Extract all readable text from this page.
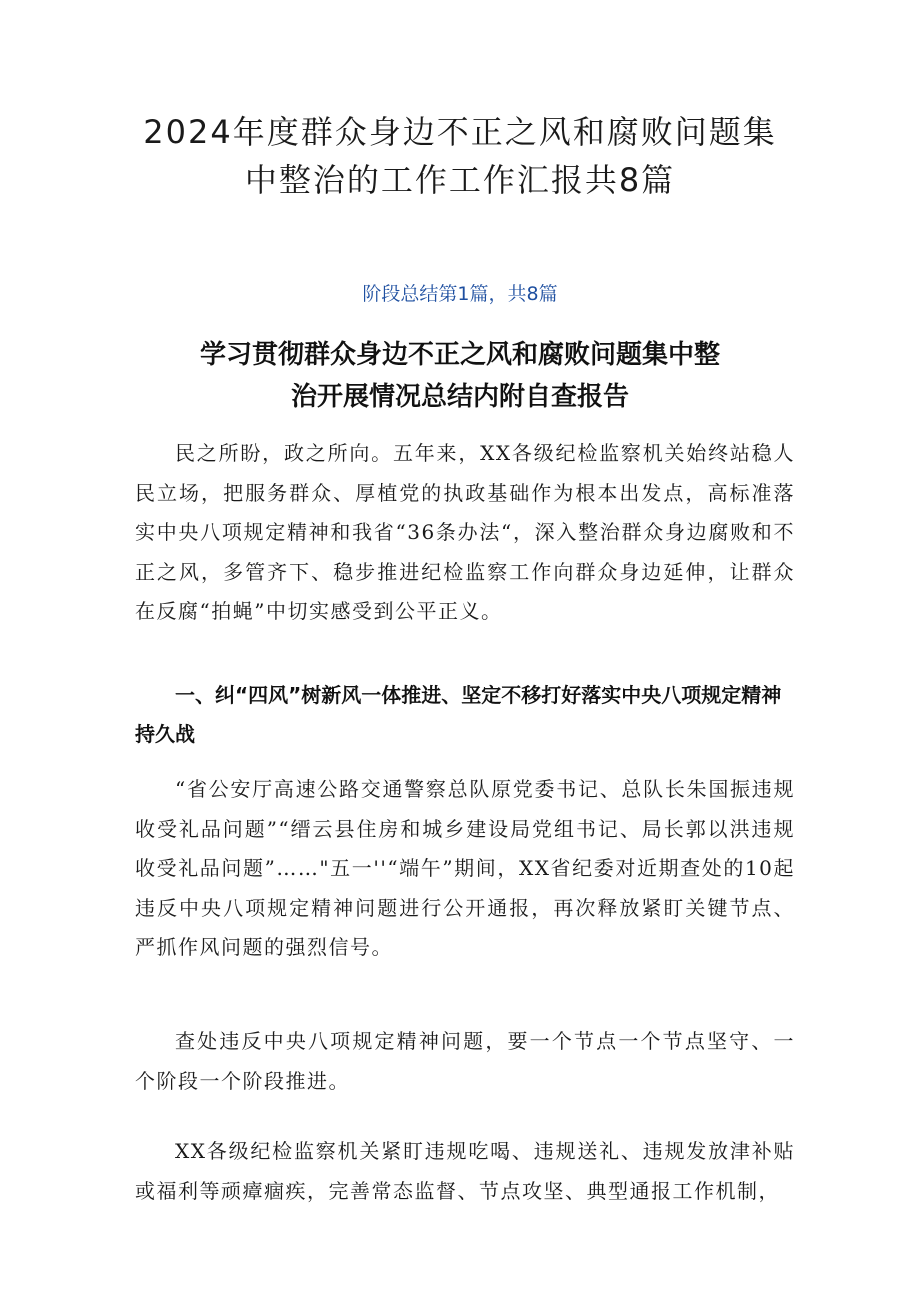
2024年度群众身边不正之风和腐败问题集
中整治的工作工作汇报共8篇
阶段总结第1篇，共8篇
学习贯彻群众身边不正之风和腐败问题集中整
治开展情况总结内附自查报告

民之所盼，政之所向。五年来，XX各级纪检监察机关始终站稳人民立场，把服务群众、厚植党的执政基础作为根本出发点，高标准落实中央八项规定精神和我省“36条办法“，深入整治群众身边腐败和不正之风，多管齐下、稳步推进纪检监察工作向群众身边延伸，让群众在反腐“拍蝇”中切实感受到公平正义。

一、纠“四风”树新风一体推进、坚定不移打好落实中央八项规定精神持久战

“省公安厅高速公路交通警察总队原党委书记、总队长朱国振违规收受礼品问题”“缙云县住房和城乡建设局党组书记、局长郭以洪违规收受礼品问题”……"五一''“端午”期间，XX省纪委对近期查处的10起违反中央八项规定精神问题进行公开通报，再次释放紧盯关键节点、严抓作风问题的强烈信号。

查处违反中央八项规定精神问题，要一个节点一个节点坚守、一个阶段一个阶段推进。

XX各级纪检监察机关紧盯违规吃喝、违规送礼、违规发放津补贴或福利等顽瘴痼疾，完善常态监督、节点攻坚、典型通报工作机制，
